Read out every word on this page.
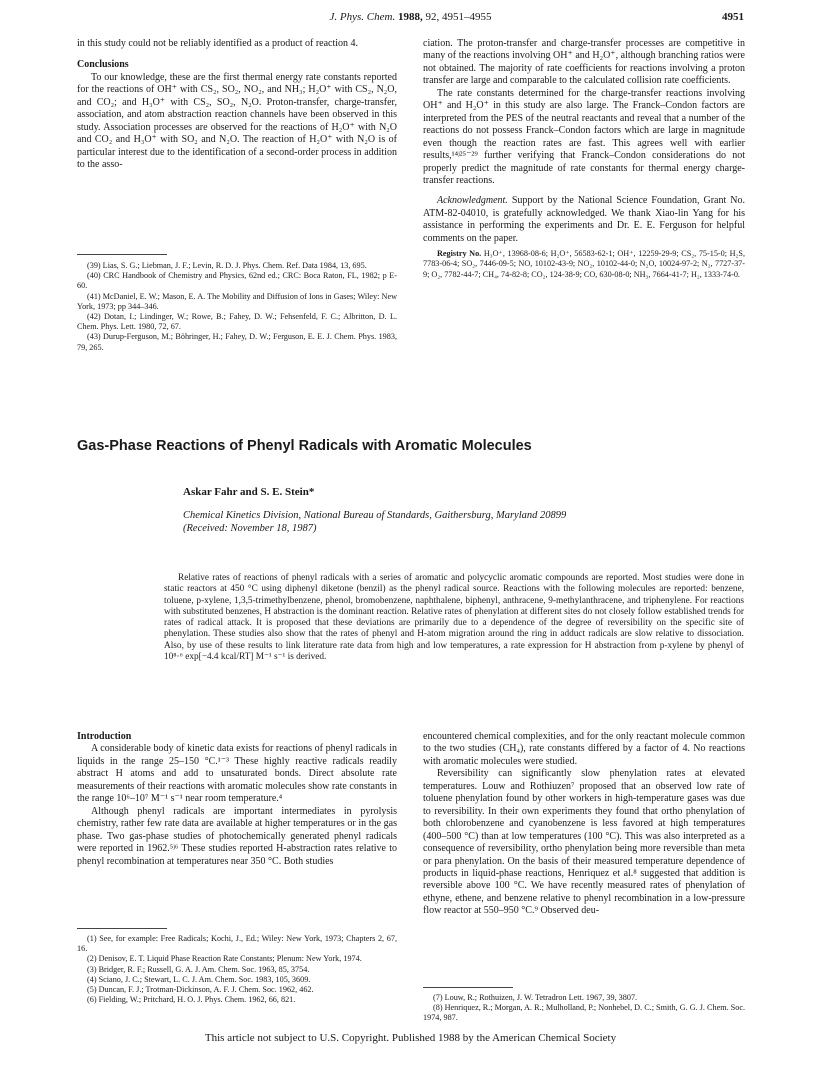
J. Phys. Chem. 1988, 92, 4951–4955	4951

in this study could not be reliably identified as a product of reaction 4.

Conclusions

To our knowledge, these are the first thermal energy rate constants reported for the reactions of OH⁺ with CS₂, SO₂, NO₂, and NH₃; H₂O⁺ with CS₂, N₂O, and CO₂; and H₃O⁺ with CS₂, SO₂, N₂O. Proton-transfer, charge-transfer, association, and atom abstraction reaction channels have been observed in this study. Association processes are observed for the reactions of H₂O⁺ with N₂O and CO₂ and H₃O⁺ with SO₂ and N₂O. The reaction of H₂O⁺ with N₂O is of particular interest due to the identification of a second-order process in addition to the asso-

(39) Lias, S. G.; Liebman, J. F.; Levin, R. D. J. Phys. Chem. Ref. Data 1984, 13, 695.
(40) CRC Handbook of Chemistry and Physics, 62nd ed.; CRC: Boca Raton, FL, 1982; p E-60.
(41) McDaniel, E. W.; Mason, E. A. The Mobility and Diffusion of Ions in Gases; Wiley: New York, 1973; pp 344–346.
(42) Dotan, I.; Lindinger, W.; Rowe, B.; Fahey, D. W.; Fehsenfeld, F. C.; Albritton, D. L. Chem. Phys. Lett. 1980, 72, 67.
(43) Durup-Ferguson, M.; Böhringer, H.; Fahey, D. W.; Ferguson, E. E. J. Chem. Phys. 1983, 79, 265.

ciation. The proton-transfer and charge-transfer processes are competitive in many of the reactions involving OH⁺ and H₂O⁺, although branching ratios were not obtained. The majority of rate coefficients for reactions involving a proton transfer are large and comparable to the calculated collision rate coefficients.

The rate constants determined for the charge-transfer reactions involving OH⁺ and H₂O⁺ in this study are also large. The Franck–Condon factors are interpreted from the PES of the neutral reactants and reveal that a number of the reactions do not possess Franck–Condon factors which are large in magnitude even though the reaction rates are fast. This agrees well with earlier results,¹⁴ʲ²⁵⁻²⁹ further verifying that Franck–Condon considerations do not properly predict the magnitude of rate constants for thermal energy charge-transfer reactions.

Acknowledgment. Support by the National Science Foundation, Grant No. ATM-82-04010, is gratefully acknowledged. We thank Xiao-lin Yang for his assistance in performing the experiments and Dr. E. E. Ferguson for helpful comments on the paper.

Registry No. H₃O⁺, 13968-08-6; H₂O⁺, 56583-62-1; OH⁺, 12259-29-9; CS₂, 75-15-0; H₂S, 7783-06-4; SO₂, 7446-09-5; NO, 10102-43-9; NO₂, 10102-44-0; N₂O, 10024-97-2; N₂, 7727-37-9; O₂, 7782-44-7; CH₄, 74-82-8; CO₂, 124-38-9; CO, 630-08-0; NH₃, 7664-41-7; H₂, 1333-74-0.

Gas-Phase Reactions of Phenyl Radicals with Aromatic Molecules
Askar Fahr and S. E. Stein*
Chemical Kinetics Division, National Bureau of Standards, Gaithersburg, Maryland 20899
(Received: November 18, 1987)
Relative rates of reactions of phenyl radicals with a series of aromatic and polycyclic aromatic compounds are reported. Most studies were done in static reactors at 450 °C using diphenyl diketone (benzil) as the phenyl radical source. Reactions with the following molecules are reported: benzene, toluene, p-xylene, 1,3,5-trimethylbenzene, phenol, bromobenzene, naphthalene, biphenyl, anthracene, 9-methylanthracene, and triphenylene. For reactions with substituted benzenes, H abstraction is the dominant reaction. Relative rates of phenylation at different sites do not closely follow established trends for rates of radical attack. It is proposed that these deviations are primarily due to a dependence of the degree of reversibility on the specific site of phenylation. These studies also show that the rates of phenyl and H-atom migration around the ring in adduct radicals are slow relative to dissociation. Also, by use of these results to link literature rate data from high and low temperatures, a rate expression for H abstraction from p-xylene by phenyl of 10⁸·⁶ exp[−4.4 kcal/RT] M⁻¹ s⁻¹ is derived.

Introduction

A considerable body of kinetic data exists for reactions of phenyl radicals in liquids in the range 25–150 °C.¹⁻³ These highly reactive radicals readily abstract H atoms and add to unsaturated bonds. Direct absolute rate measurements of their reactions with aromatic molecules show rate constants in the range 10⁶–10⁷ M⁻¹ s⁻¹ near room temperature.⁴

Although phenyl radicals are important intermediates in pyrolysis chemistry, rather few rate data are available at higher temperatures or in the gas phase. Two gas-phase studies of photochemically generated phenyl radicals were reported in 1962.⁵ʲ⁶ These studies reported H-abstraction rates relative to phenyl recombination at temperatures near 350 °C. Both studies

(1) See, for example: Free Radicals; Kochi, J., Ed.; Wiley: New York, 1973; Chapters 2, 67, 16.
(2) Denisov, E. T. Liquid Phase Reaction Rate Constants; Plenum: New York, 1974.
(3) Bridger, R. F.; Russell, G. A. J. Am. Chem. Soc. 1963, 85, 3754.
(4) Sciano, J. C.; Stewart, L. C. J. Am. Chem. Soc. 1983, 105, 3609.
(5) Duncan, F. J.; Trotman-Dickinson, A. F. J. Chem. Soc. 1962, 462.
(6) Fielding, W.; Pritchard, H. O. J. Phys. Chem. 1962, 66, 821.

encountered chemical complexities, and for the only reactant molecule common to the two studies (CH₄), rate constants differed by a factor of 4. No reactions with aromatic molecules were studied.

Reversibility can significantly slow phenylation rates at elevated temperatures. Louw and Rothiuzen⁷ proposed that an observed low rate of toluene phenylation found by other workers in high-temperature gases was due to reversibility. In their own experiments they found that ortho phenylation of both chlorobenzene and cyanobenzene is less favored at high temperatures (400–500 °C) than at low temperatures (100 °C). This was also interpreted as a consequence of reversibility, ortho phenylation being more reversible than meta or para phenylation. On the basis of their measured temperature dependence of products in liquid-phase reactions, Henriquez et al.⁸ suggested that addition is reversible above 100 °C. We have recently measured rates of phenylation of ethyne, ethene, and benzene relative to phenyl recombination in a low-pressure flow reactor at 550–950 °C.⁹ Observed deu-

(7) Louw, R.; Rothuizen, J. W. Tetradron Lett. 1967, 39, 3807.
(8) Henriquez, R.; Morgan, A. R.; Mulholland, P.; Nonhebel, D. C.; Smith, G. G. J. Chem. Soc. 1974, 987.
This article not subject to U.S. Copyright. Published 1988 by the American Chemical Society
